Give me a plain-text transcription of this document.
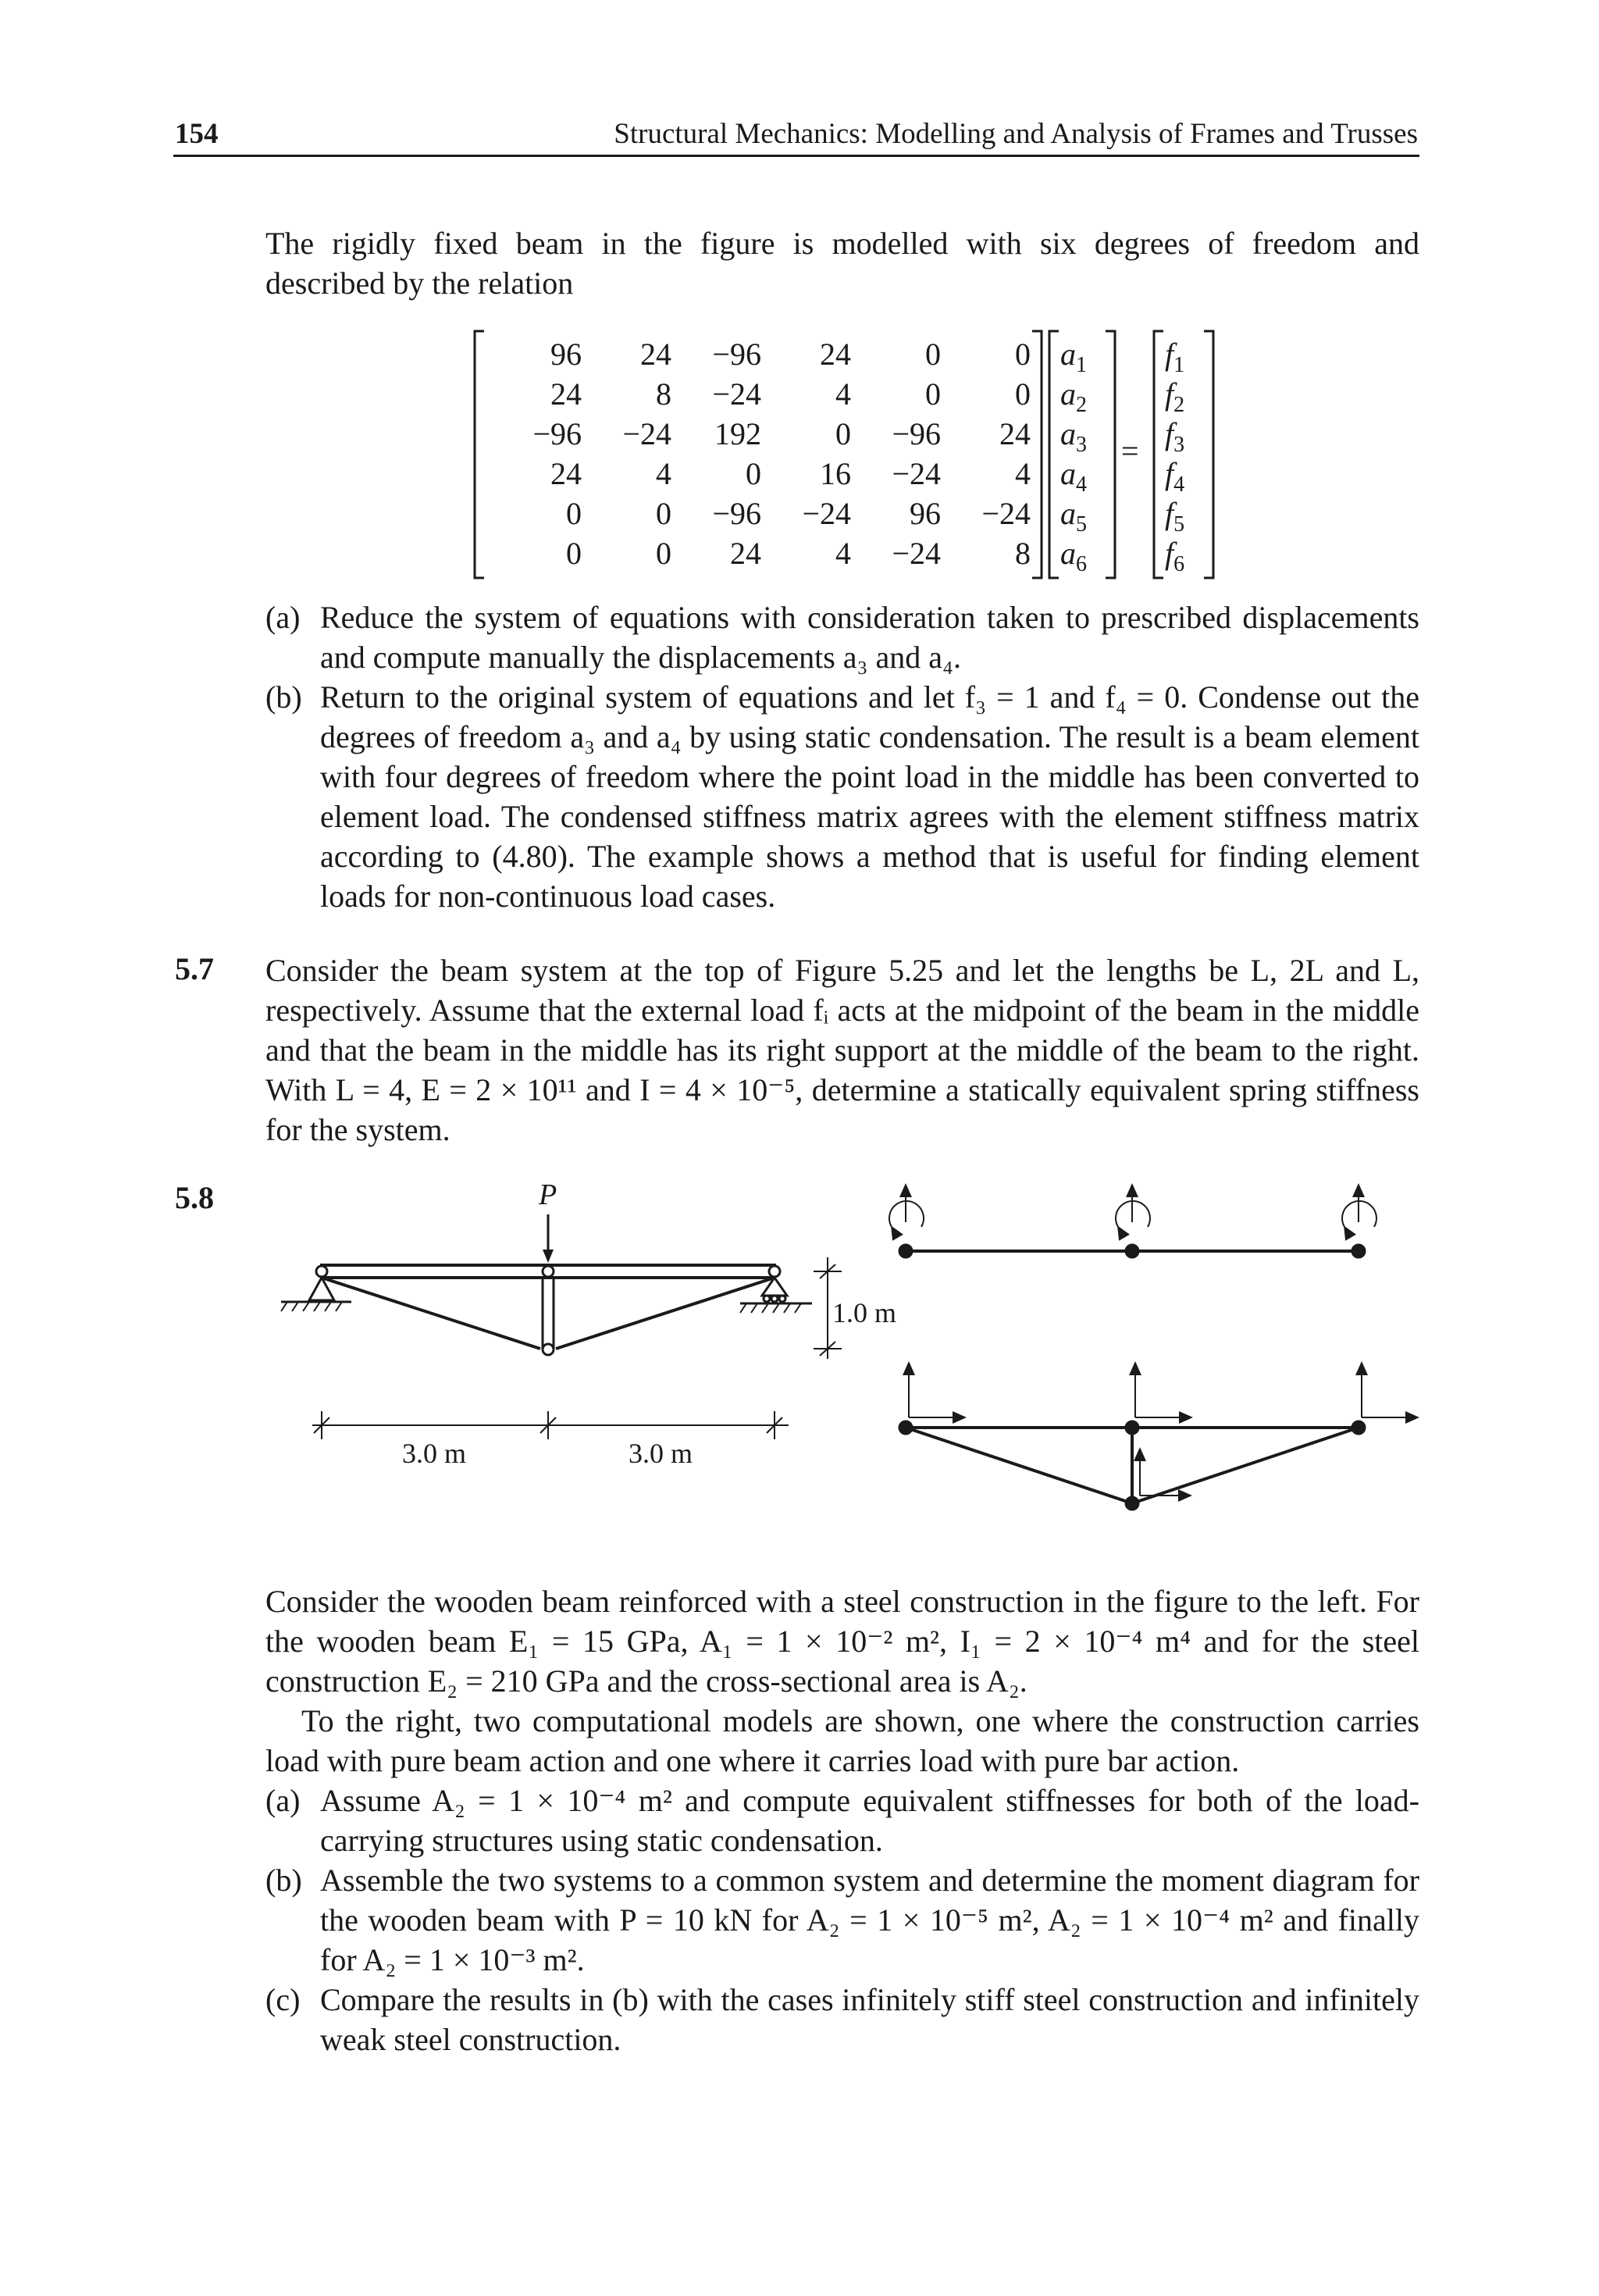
154	Structural Mechanics: Modelling and Analysis of Frames and Trusses

The rigidly fixed beam in the figure is modelled with six degrees of freedom and

described by the relation

96	24	−96	24	0	0
24	8	−24	4	0	0
−96	−24	192	0	−96	24
24	4	0	16	−24	4
0	0	−96	−24	96	−24
0	0	24	4	−24	8
$a_1$
$a_2$
$a_3$
$a_4$
$a_5$
$a_6$
=
$f_1$
$f_2$
$f_3$
$f_4$
$f_5$
$f_6$
(a) Reduce the system of equations with consideration taken to prescribed displacements and compute manually the displacements a₃ and a₄.
(b) Return to the original system of equations and let f₃ = 1 and f₄ = 0. Condense out the degrees of freedom a₃ and a₄ by using static condensation. The result is a beam element with four degrees of freedom where the point load in the middle has been converted to element load. The condensed stiffness matrix agrees with the element stiffness matrix according to (4.80). The example shows a method that is useful for finding element loads for non-continuous load cases.
5.7 Consider the beam system at the top of Figure 5.25 and let the lengths be L, 2L and L, respectively. Assume that the external load fᵢ acts at the midpoint of the beam in the middle and that the beam in the middle has its right support at the middle of the beam to the right. With L = 4, E = 2 × 10¹¹ and I = 4 × 10⁻⁵, determine a statically equivalent spring stiffness for the system.
5.8	P
1.0 m
3.0 m	3.0 m

Consider the wooden beam reinforced with a steel construction in the figure to the left. For the wooden beam E₁ = 15 GPa, A₁ = 1 × 10⁻² m², I₁ = 2 × 10⁻⁴ m⁴ and for the steel construction E₂ = 210 GPa and the cross-sectional area is A₂.

To the right, two computational models are shown, one where the construction carries load with pure beam action and one where it carries load with pure bar action.

(a) Assume A₂ = 1 × 10⁻⁴ m² and compute equivalent stiffnesses for both of the load-carrying structures using static condensation.
(b) Assemble the two systems to a common system and determine the moment diagram for the wooden beam with P = 10 kN for A₂ = 1 × 10⁻⁵ m², A₂ = 1 × 10⁻⁴ m² and finally for A₂ = 1 × 10⁻³ m².
(c) Compare the results in (b) with the cases infinitely stiff steel construction and infinitely weak steel construction.
